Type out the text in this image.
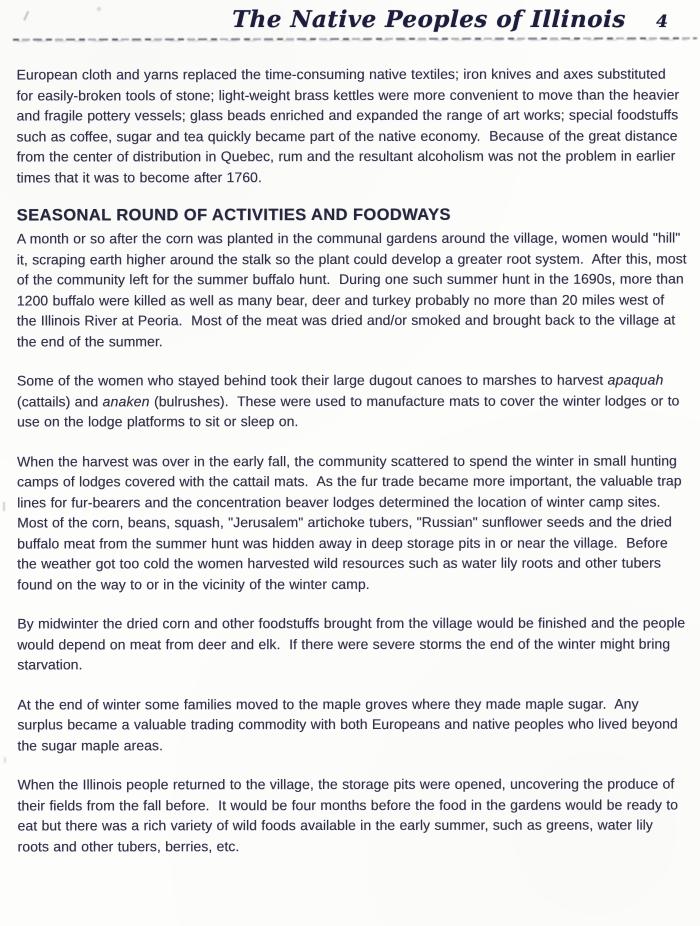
The Native Peoples of Illinois 4

European cloth and yarns replaced the time-consuming native textiles; iron knives and axes substituted for easily-broken tools of stone; light-weight brass kettles were more convenient to move than the heavier and fragile pottery vessels; glass beads enriched and expanded the range of art works; special foodstuffs such as coffee, sugar and tea quickly became part of the native economy.  Because of the great distance from the center of distribution in Quebec, rum and the resultant alcoholism was not the problem in earlier times that it was to become after 1760.

SEASONAL ROUND OF ACTIVITIES AND FOODWAYS

A month or so after the corn was planted in the communal gardens around the village, women would "hill" it, scraping earth higher around the stalk so the plant could develop a greater root system.  After this, most of the community left for the summer buffalo hunt.  During one such summer hunt in the 1690s, more than 1200 buffalo were killed as well as many bear, deer and turkey probably no more than 20 miles west of the Illinois River at Peoria.  Most of the meat was dried and/or smoked and brought back to the village at the end of the summer.

Some of the women who stayed behind took their large dugout canoes to marshes to harvest apaquah (cattails) and anaken (bulrushes).  These were used to manufacture mats to cover the winter lodges or to use on the lodge platforms to sit or sleep on.

When the harvest was over in the early fall, the community scattered to spend the winter in small hunting camps of lodges covered with the cattail mats.  As the fur trade became more important, the valuable trap lines for fur-bearers and the concentration beaver lodges determined the location of winter camp sites.  Most of the corn, beans, squash, "Jerusalem" artichoke tubers, "Russian" sunflower seeds and the dried buffalo meat from the summer hunt was hidden away in deep storage pits in or near the village.  Before the weather got too cold the women harvested wild resources such as water lily roots and other tubers found on the way to or in the vicinity of the winter camp.

By midwinter the dried corn and other foodstuffs brought from the village would be finished and the people would depend on meat from deer and elk.  If there were severe storms the end of the winter might bring starvation.

At the end of winter some families moved to the maple groves where they made maple sugar.  Any surplus became a valuable trading commodity with both Europeans and native peoples who lived beyond the sugar maple areas.

When the Illinois people returned to the village, the storage pits were opened, uncovering the produce of their fields from the fall before.  It would be four months before the food in the gardens would be ready to eat but there was a rich variety of wild foods available in the early summer, such as greens, water lily roots and other tubers, berries, etc.
